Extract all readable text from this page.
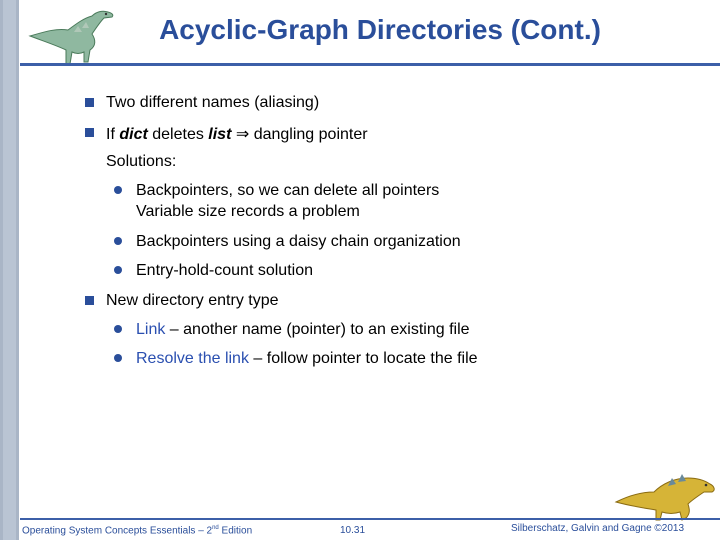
Acyclic-Graph Directories (Cont.)
Two different names (aliasing)
If dict deletes list ⇒ dangling pointer
Solutions:
Backpointers, so we can delete all pointers
Variable size records a problem
Backpointers using a daisy chain organization
Entry-hold-count solution
New directory entry type
Link – another name (pointer) to an existing file
Resolve the link – follow pointer to locate the file
Operating System Concepts Essentials – 2nd Edition	10.31	Silberschatz, Galvin and Gagne ©2013
